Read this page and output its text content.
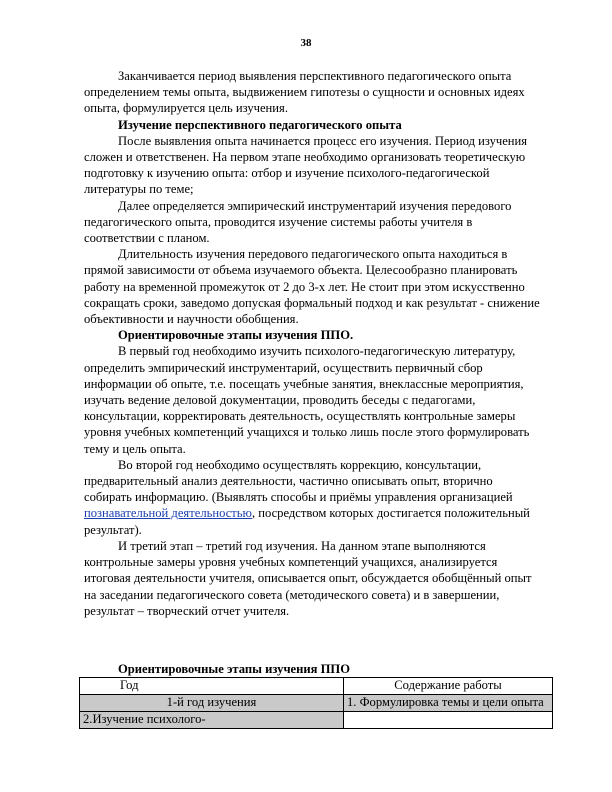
38

Заканчивается период выявления перспективного педагогического опыта определением темы опыта, выдвижением гипотезы о сущности и основных идеях опыта, формулируется цель изучения.

Изучение перспективного педагогического опыта

После выявления опыта начинается процесс его изучения. Период изучения сложен и ответственен. На первом этапе необходимо организовать теоретическую подготовку к изучению опыта: отбор и изучение психолого-педагогической литературы по теме;

Далее определяется эмпирический инструментарий изучения передового педагогического опыта, проводится изучение системы работы учителя в соответствии с планом.

Длительность изучения передового педагогического опыта находиться в прямой зависимости от объема изучаемого объекта. Целесообразно планировать работу на временной промежуток от 2 до 3-х лет. Не стоит при этом искусственно сокращать сроки, заведомо допуская формальный подход и как результат - снижение объективности и научности обобщения.

Ориентировочные этапы изучения ППО.

В первый год необходимо изучить психолого-педагогическую литературу, определить эмпирический инструментарий, осуществить первичный сбор информации об опыте, т.е. посещать учебные занятия, внеклассные мероприятия, изучать ведение деловой документации, проводить беседы с педагогами, консультации, корректировать деятельность, осуществлять контрольные замеры уровня учебных компетенций учащихся и только лишь после этого формулировать тему и цель опыта.

Во второй год необходимо осуществлять коррекцию, консультации, предварительный анализ деятельности, частично описывать опыт, вторично собирать информацию. (Выявлять способы и приёмы управления организацией познавательной деятельностью, посредством которых достигается положительный результат).

И третий этап – третий год изучения. На данном этапе выполняются контрольные замеры уровня учебных компетенций учащихся, анализируется итоговая деятельности учителя, описывается опыт, обсуждается обобщённый опыт на заседании педагогического совета (методического совета) и в завершении, результат – творческий отчет учителя.

Ориентировочные этапы изучения ППО
Год	Содержание работы
1-й год изучения	1. Формулировка темы и цели опыта
2.Изучение психолого-	
